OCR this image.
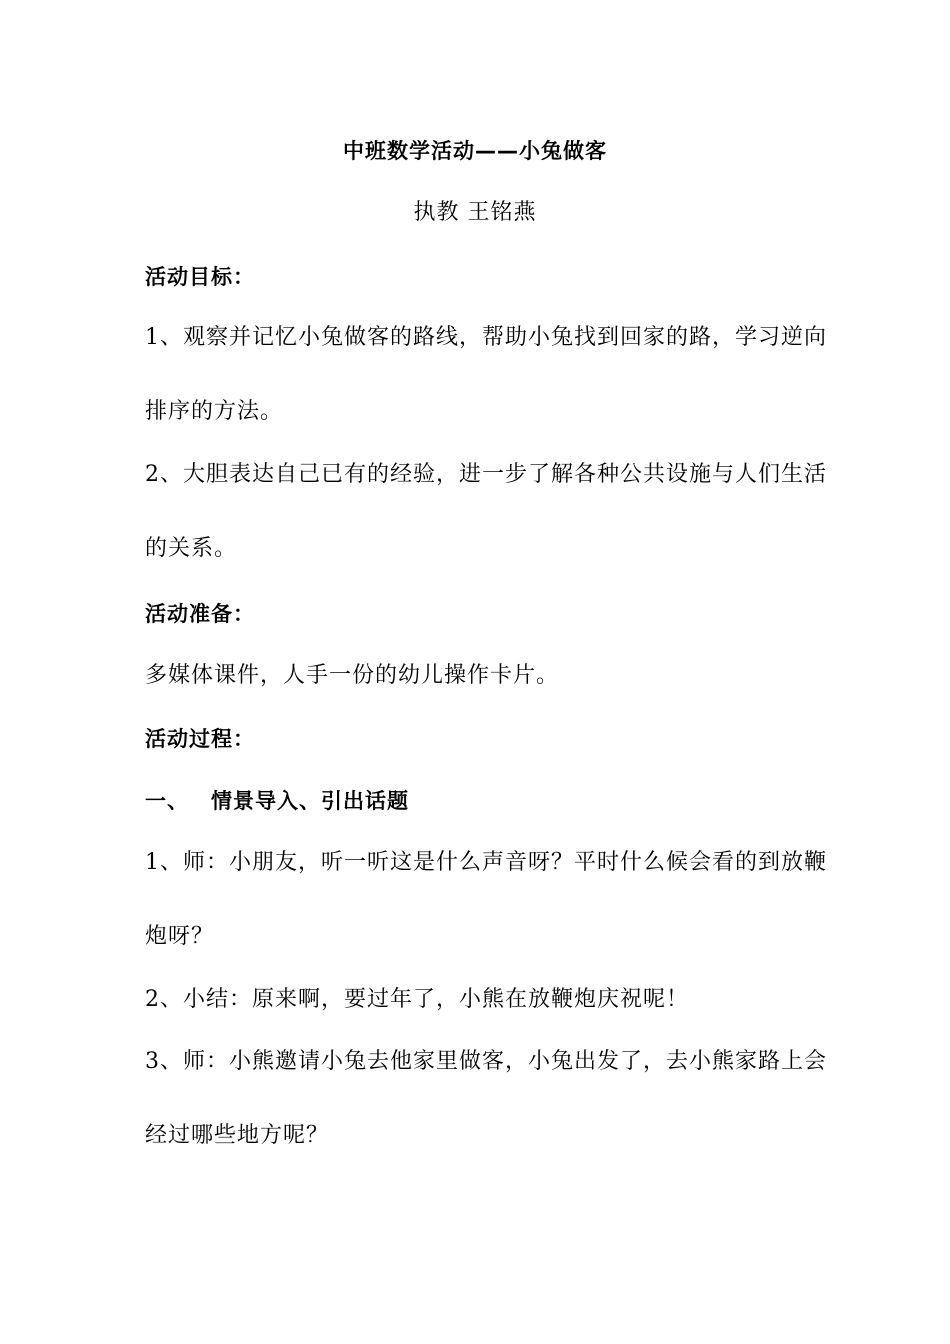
中班数学活动——小兔做客
执教 王铭燕
活动目标：
1、观察并记忆小兔做客的路线，帮助小兔找到回家的路，学习逆向
排序的方法。
2、大胆表达自己已有的经验，进一步了解各种公共设施与人们生活
的关系。
活动准备：
多媒体课件，人手一份的幼儿操作卡片。
活动过程：
一、 情景导入、引出话题
1、师：小朋友，听一听这是什么声音呀？平时什么候会看的到放鞭
炮呀？
2、小结：原来啊，要过年了，小熊在放鞭炮庆祝呢！
3、师：小熊邀请小兔去他家里做客，小兔出发了，去小熊家路上会
经过哪些地方呢？
